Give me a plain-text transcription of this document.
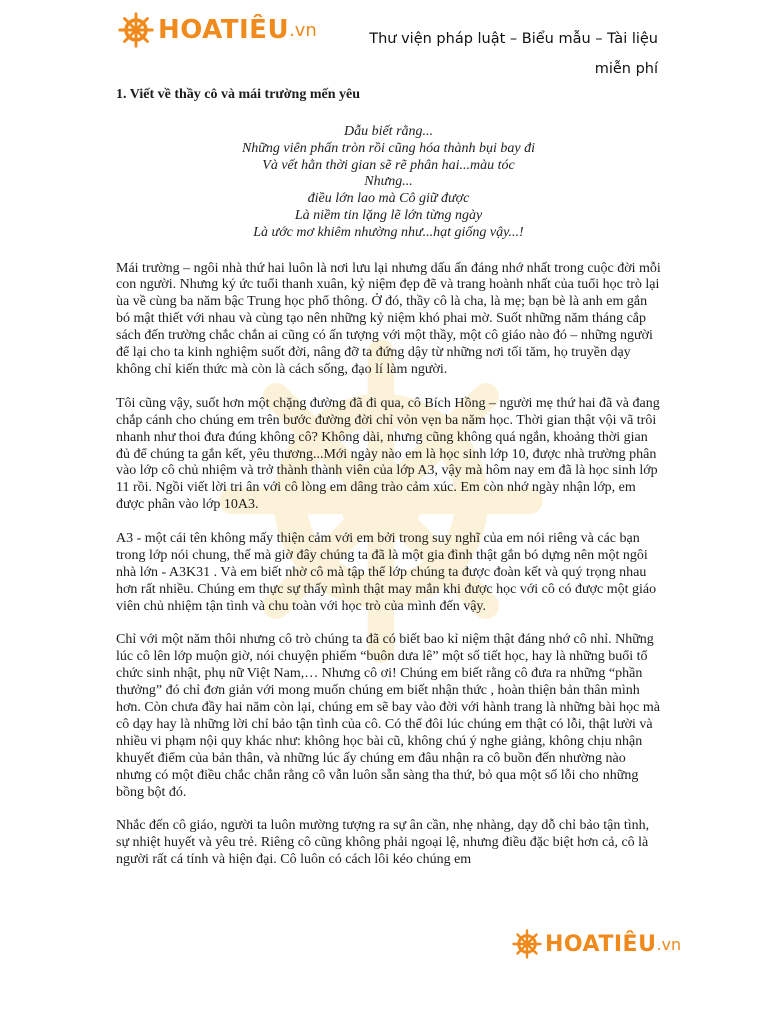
HOATIÊU .vn	Thư viện pháp luật – Biểu mẫu – Tài liệu miễn phí
1. Viết về thầy cô và mái trường mến yêu
Dẫu biết rằng...
Những viên phấn tròn rồi cũng hóa thành bụi bay đi
Và vết hằn thời gian sẽ rẽ phân hai...màu tóc
Nhưng...
điều lớn lao mà Cô giữ được
Là niềm tin lặng lẽ lớn từng ngày
Là ước mơ khiêm nhường như...hạt giống vậy...!

Mái trường – ngôi nhà thứ hai luôn là nơi lưu lại nhưng dấu ấn đáng nhớ nhất trong cuộc đời mỗi con người. Nhưng ký ức tuổi thanh xuân, kỷ niệm đẹp đẽ và trang hoành nhất của tuổi học trò lại ùa về cùng ba năm bậc Trung học phổ thông. Ở đó, thầy cô là cha, là mẹ; bạn bè là anh em gắn bó mật thiết với nhau và cùng tạo nên những kỷ niệm khó phai mờ. Suốt những năm tháng cắp sách đến trường chắc chắn ai cũng có ấn tượng với một thầy, một cô giáo nào đó – những người để lại cho ta kinh nghiệm suốt đời, nâng đỡ ta đứng dậy từ những nơi tối tăm, họ truyền dạy không chỉ kiến thức mà còn là cách sống, đạo lí làm người.

Tôi cũng vậy, suốt hơn một chặng đường đã đi qua, cô Bích Hồng – người mẹ thứ hai đã và đang chắp cánh cho chúng em trên bước đường đời chỉ vỏn vẹn ba năm học. Thời gian thật vội vã trôi nhanh như thoi đưa đúng không cô? Không dài, nhưng cũng không quá ngắn, khoảng thời gian đủ để chúng ta gắn kết, yêu thương...Mới ngày nào em là học sinh lớp 10, được nhà trường phân vào lớp cô chủ nhiệm và trở thành thành viên của lớp A3, vậy mà hôm nay em đã là học sinh lớp 11 rồi. Ngồi viết lời tri ân với cô lòng em dâng trào cảm xúc. Em còn nhớ ngày nhận lớp, em được phân vào lớp 10A3.

A3 - một cái tên không mấy thiện cảm với em bởi trong suy nghĩ của em nói riêng và các bạn trong lớp nói chung, thế mà giờ đây chúng ta đã là một gia đình thật gắn bó dựng nên một ngôi nhà lớn - A3K31 . Và em biết nhờ cô mà tập thể lớp chúng ta được đoàn kết và quý trọng nhau hơn rất nhiều. Chúng em thực sự thấy mình thật may mắn khi được học với cô có được một giáo viên chủ nhiệm tận tình và chu toàn với học trò của mình đến vậy.

Chỉ với một năm thôi nhưng cô trò chúng ta đã có biết bao kỉ niệm thật đáng nhớ cô nhỉ. Những lúc cô lên lớp muộn giờ, nói chuyện phiếm “buôn dưa lê” một số tiết học, hay là những buổi tổ chức sinh nhật, phụ nữ Việt Nam,… Nhưng cô ơi! Chúng em biết rằng cô đưa ra những “phần thưởng” đó chỉ đơn giản với mong muốn chúng em biết nhận thức , hoàn thiện bản thân mình hơn. Còn chưa đầy hai năm còn lại, chúng em sẽ bay vào đời với hành trang là những bài học mà cô dạy hay là những lời chỉ bảo tận tình của cô. Có thể đôi lúc chúng em thật có lỗi, thật lười và nhiều vi phạm nội quy khác như: không học bài cũ, không chú ý nghe giảng, không chịu nhận khuyết điểm của bản thân, và những lúc ấy chúng em đâu nhận ra cô buồn đến nhường nào nhưng có một điều chắc chắn rằng cô vẫn luôn sẵn sàng tha thứ, bỏ qua một số lỗi cho những bồng bột đó.

Nhắc đến cô giáo, người ta luôn mường tượng ra sự ân cần, nhẹ nhàng, dạy dỗ chỉ bảo tận tình, sự nhiệt huyết và yêu trẻ. Riêng cô cũng không phải ngoại lệ, nhưng điều đặc biệt hơn cả, cô là người rất cá tính và hiện đại. Cô luôn có cách lôi kéo chúng em

HOATIÊU .vn
